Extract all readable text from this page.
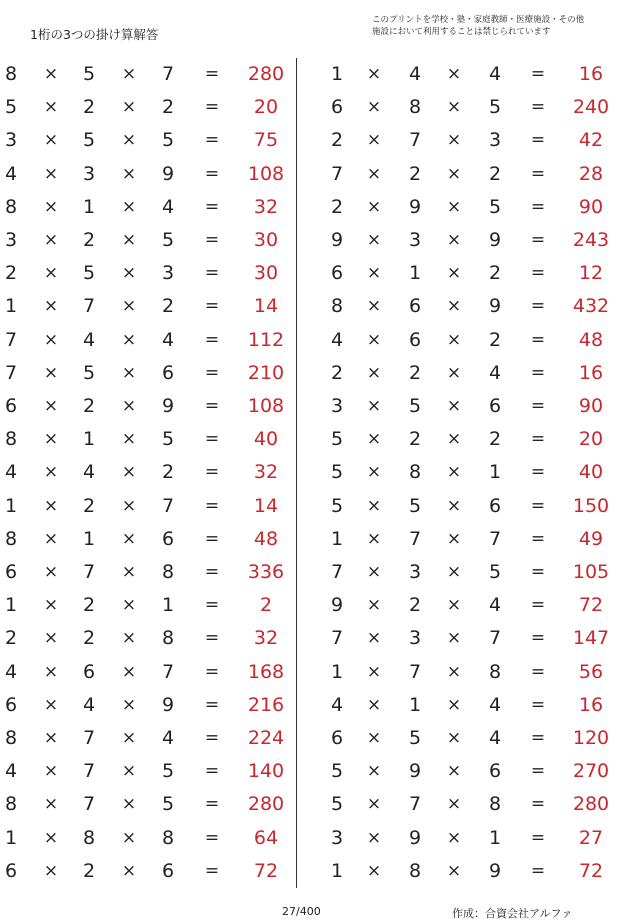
1桁の3つの掛け算解答
このプリントを学校・塾・家庭教師・医療施設・その他
施設において利用することは禁じられています
8 × 5 × 7 =	280
5 × 2 × 2 =	20
3 × 5 × 5 =	75
4 × 3 × 9 =	108
8 × 1 × 4 =	32
3 × 2 × 5 =	30
2 × 5 × 3 =	30
1 × 7 × 2 =	14
7 × 4 × 4 =	112
7 × 5 × 6 =	210
6 × 2 × 9 =	108
8 × 1 × 5 =	40
4 × 4 × 2 =	32
1 × 2 × 7 =	14
8 × 1 × 6 =	48
6 × 7 × 8 =	336
1 × 2 × 1 =	2
2 × 2 × 8 =	32
4 × 6 × 7 =	168
6 × 4 × 9 =	216
8 × 7 × 4 =	224
4 × 7 × 5 =	140
8 × 7 × 5 =	280
1 × 8 × 8 =	64
6 × 2 × 6 =	72
1 × 4 × 4 =	16
6 × 8 × 5 =	240
2 × 7 × 3 =	42
7 × 2 × 2 =	28
2 × 9 × 5 =	90
9 × 3 × 9 =	243
6 × 1 × 2 =	12
8 × 6 × 9 =	432
4 × 6 × 2 =	48
2 × 2 × 4 =	16
3 × 5 × 6 =	90
5 × 2 × 2 =	20
5 × 8 × 1 =	40
5 × 5 × 6 =	150
1 × 7 × 7 =	49
7 × 3 × 5 =	105
9 × 2 × 4 =	72
7 × 3 × 7 =	147
1 × 7 × 8 =	56
4 × 1 × 4 =	16
6 × 5 × 4 =	120
5 × 9 × 6 =	270
5 × 7 × 8 =	280
3 × 9 × 1 =	27
1 × 8 × 9 =	72
27/400	作成：合資会社アルファ
